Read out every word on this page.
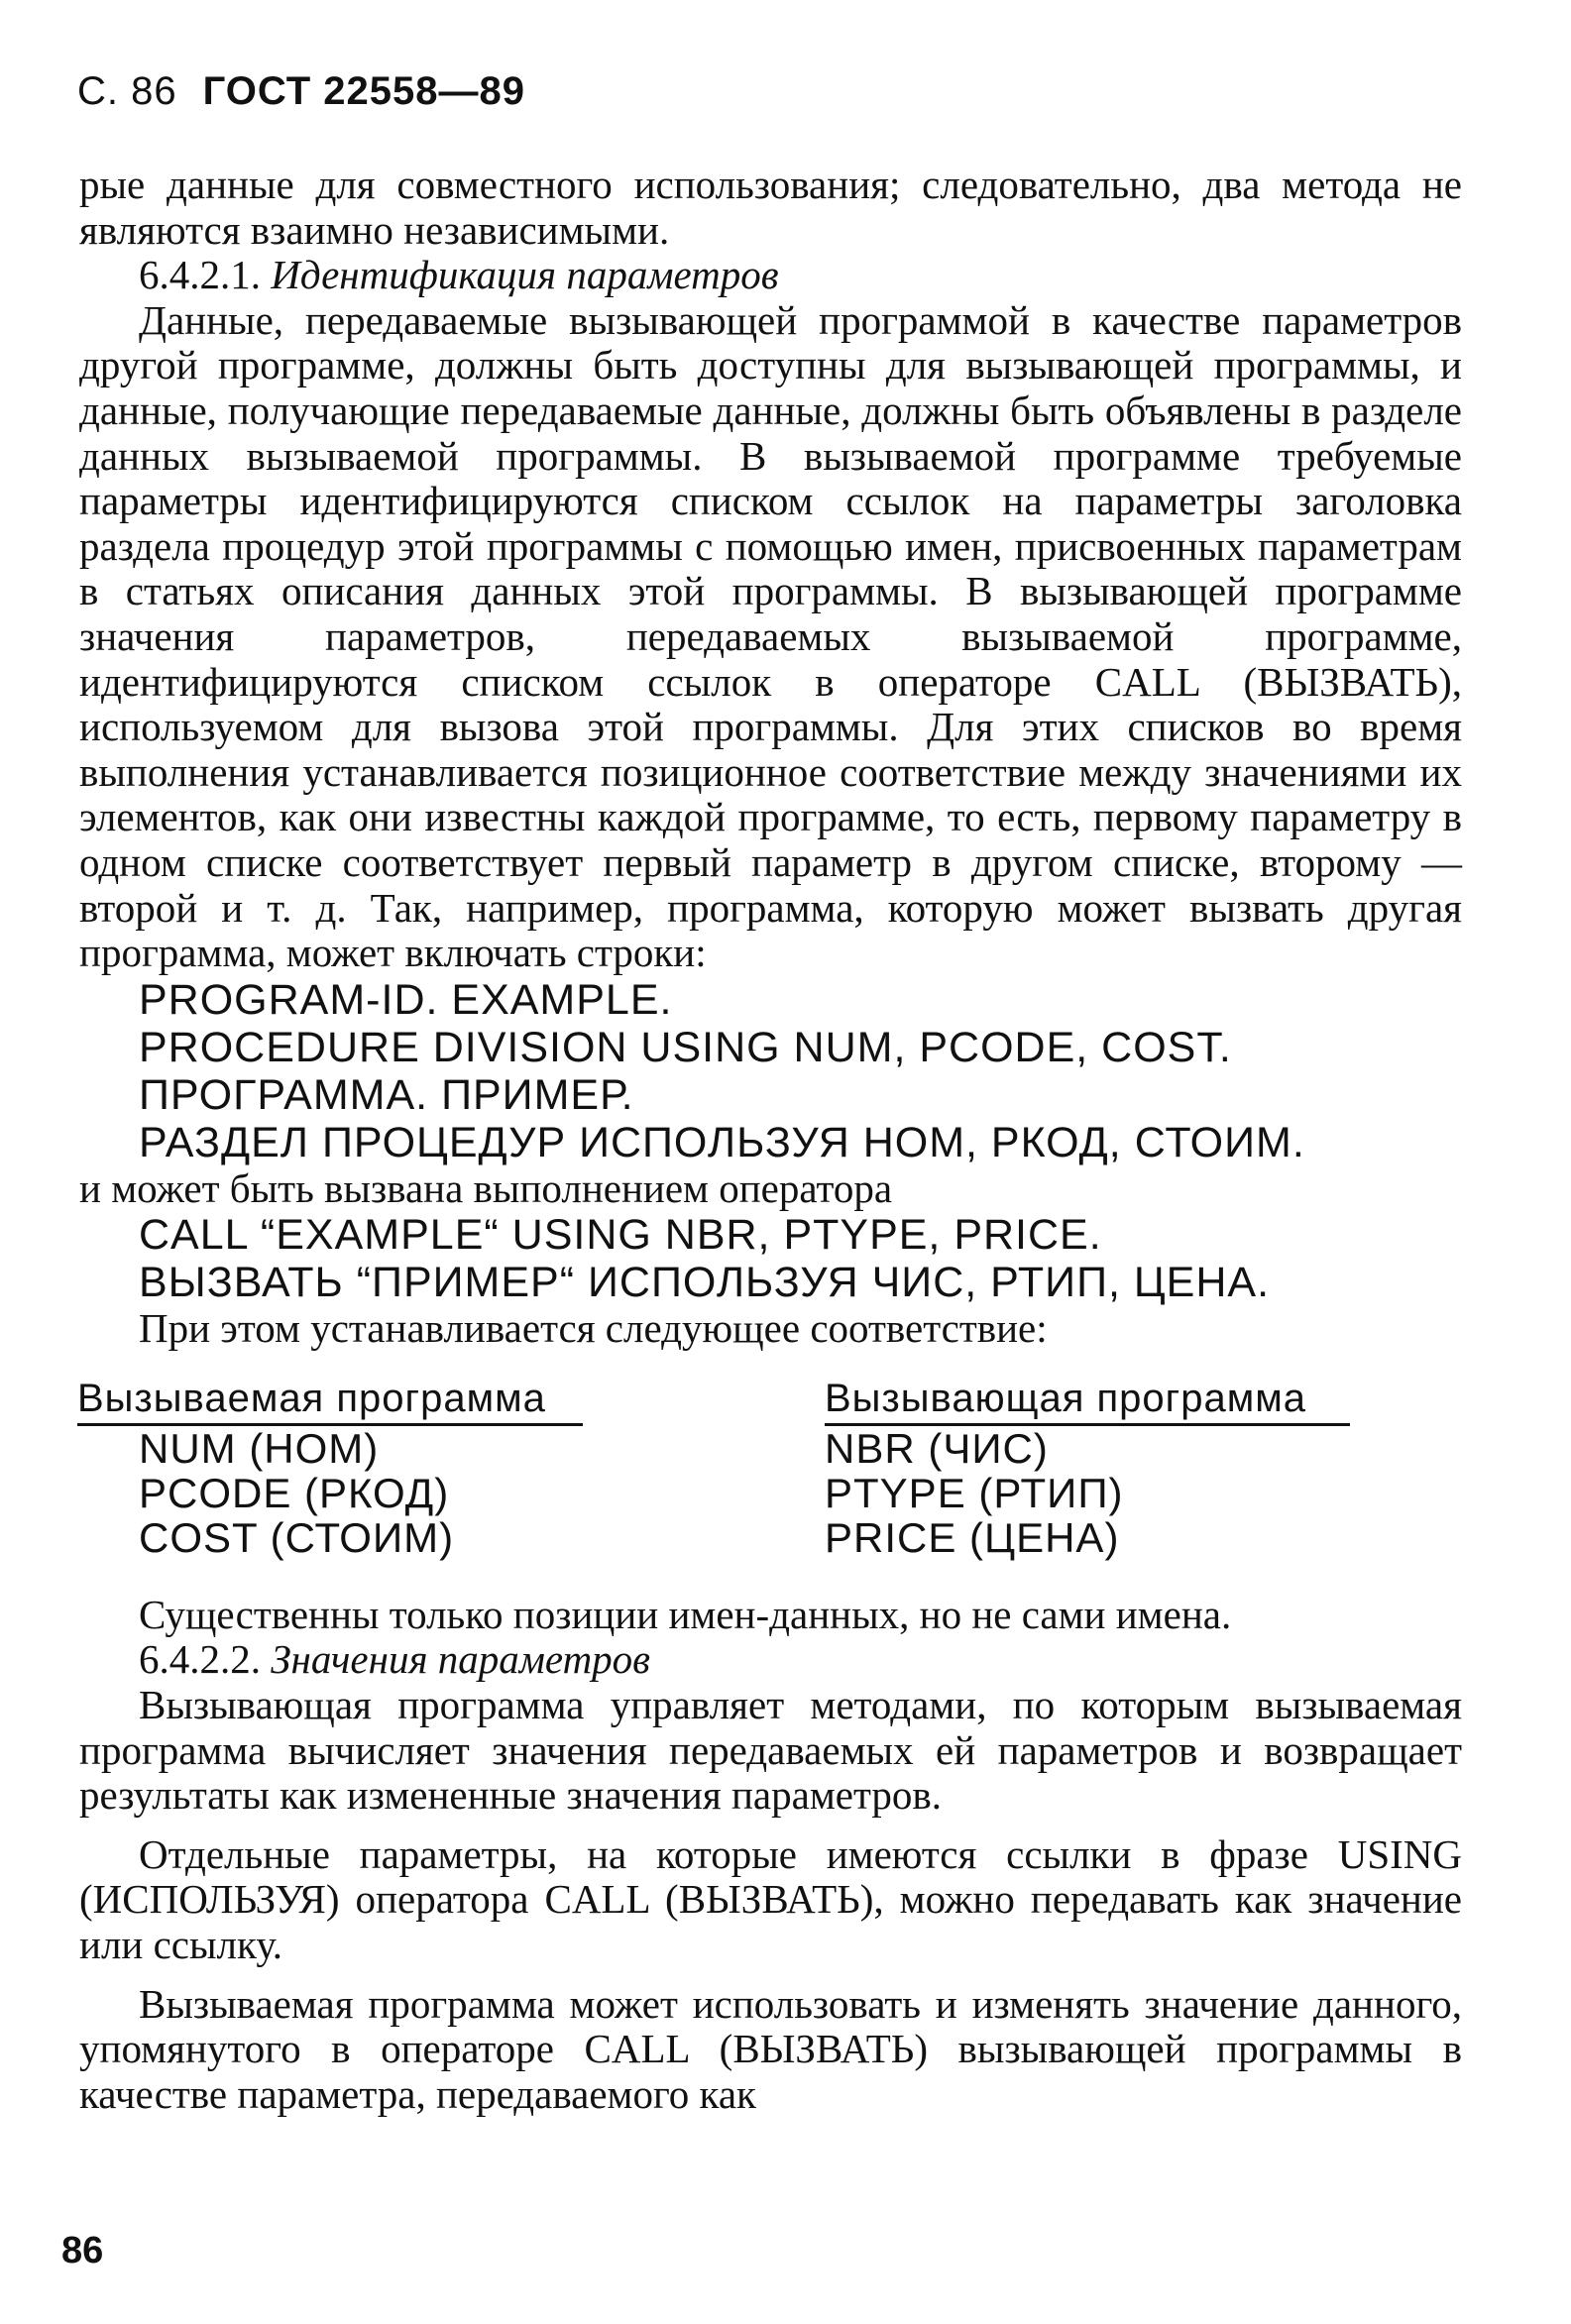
С. 86 ГОСТ 22558—89

рые данные для совместного использования; следовательно, два метода не являются взаимно независимыми.

6.4.2.1. Идентификация параметров

Данные, передаваемые вызывающей программой в качестве параметров другой программе, должны быть доступны для вызывающей программы, и данные, получающие передаваемые данные, должны быть объявлены в разделе данных вызываемой программы. В вызываемой программе требуемые параметры идентифицируются списком ссылок на параметры заголовка раздела процедур этой программы с помощью имен, присвоенных параметрам в статьях описания данных этой программы. В вызывающей программе значения параметров, передаваемых вызываемой программе, идентифицируются списком ссылок в операторе CALL (ВЫЗВАТЬ), используемом для вызова этой программы. Для этих списков во время выполнения устанавливается позиционное соответствие между значениями их элементов, как они известны каждой программе, то есть, первому параметру в одном списке соответствует первый параметр в другом списке, второму — второй и т. д. Так, например, программа, которую может вызвать другая программа, может включать строки:

PROGRAM-ID. EXAMPLE.

PROCEDURE DIVISION USING NUM, PCODE, COST.

ПРОГРАММА. ПРИМЕР.

РАЗДЕЛ ПРОЦЕДУР ИСПОЛЬЗУЯ НОМ, РКОД, СТОИМ.

и может быть вызвана выполнением оператора

CALL “EXAMPLE“ USING NBR, PTYPE, PRICE.

ВЫЗВАТЬ “ПРИМЕР“ ИСПОЛЬЗУЯ ЧИС, РТИП, ЦЕНА.

При этом устанавливается следующее соответствие:

Вызываемая программа
NUM (НОМ)
PCODE (РКОД)
COST (СТОИМ)
Вызывающая программа
NBR (ЧИС)
PTYPE (РТИП)
PRICE (ЦЕНА)

Существенны только позиции имен-данных, но не сами имена.

6.4.2.2. Значения параметров

Вызывающая программа управляет методами, по которым вызываемая программа вычисляет значения передаваемых ей параметров и возвращает результаты как измененные значения параметров.

Отдельные параметры, на которые имеются ссылки в фразе USING (ИСПОЛЬЗУЯ) оператора CALL (ВЫЗВАТЬ), можно передавать как значение или ссылку.

Вызываемая программа может использовать и изменять значение данного, упомянутого в операторе CALL (ВЫЗВАТЬ) вызывающей программы в качестве параметра, передаваемого как

86
